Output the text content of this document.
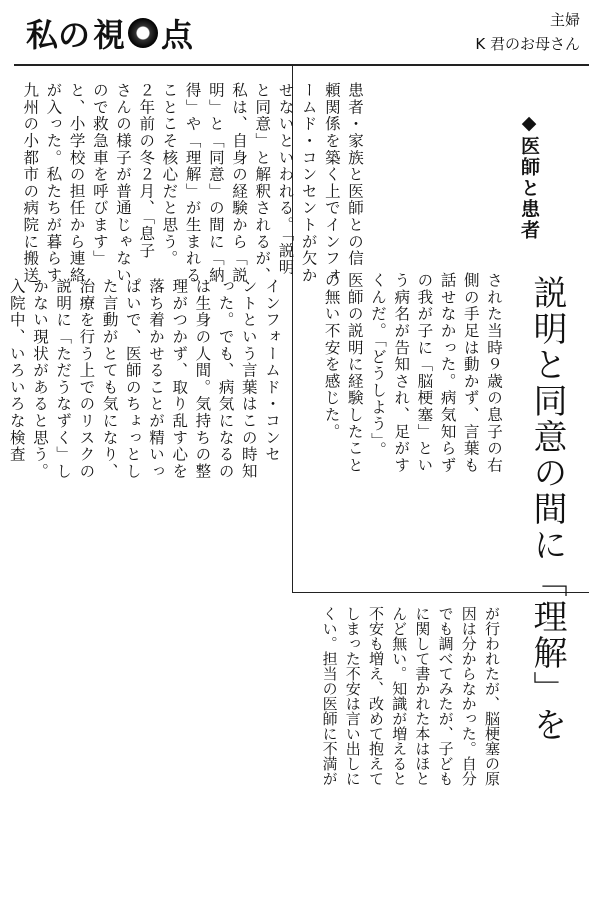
私の 視 点	主婦
K 君のお母さん
◆医師と患者
説明と同意の間に「理解」を
された当時９歳の息子の右
側の手足は動かず、言葉も
話せなかった。病気知らず
の我が子に「脳梗塞」とい
う病名が告知され、足がす
くんだ。「どうしよう」。
医師の説明に経験したこと
の無い不安を感じた。
インフォームド・コンセ
ントという言葉はこの時知
った。でも、病気になるの
は生身の人間。気持ちの整
理がつかず、取り乱す心を
落ち着かせることが精いっ
ぱいで、医師のちょっとし
た言動がとても気になり、
治療を行う上でのリスクの
説明に「ただうなずく」し
かない現状があると思う。
入院中、いろいろな検査
が行われたが、脳梗塞の原
因は分からなかった。自分
でも調べてみたが、子ども
に関して書かれた本はほと
んど無い。知識が増えると
不安も増え、改めて抱えて
しまった不安は言い出しに
くい。担当の医師に不満が
患者・家族と医師との信
頼関係を築く上でインフォ
ームド・コンセントが欠か
せないといわれる。「説明
と同意」と解釈されるが、
私は、自身の経験から「説
明」と「同意」の間に「納
得」や「理解」が生まれる
ことこそ核心だと思う。
２年前の冬２月、「息子
さんの様子が普通じゃない
ので救急車を呼びます」
と、小学校の担任から連絡
が入った。私たちが暮らす
九州の小都市の病院に搬送
